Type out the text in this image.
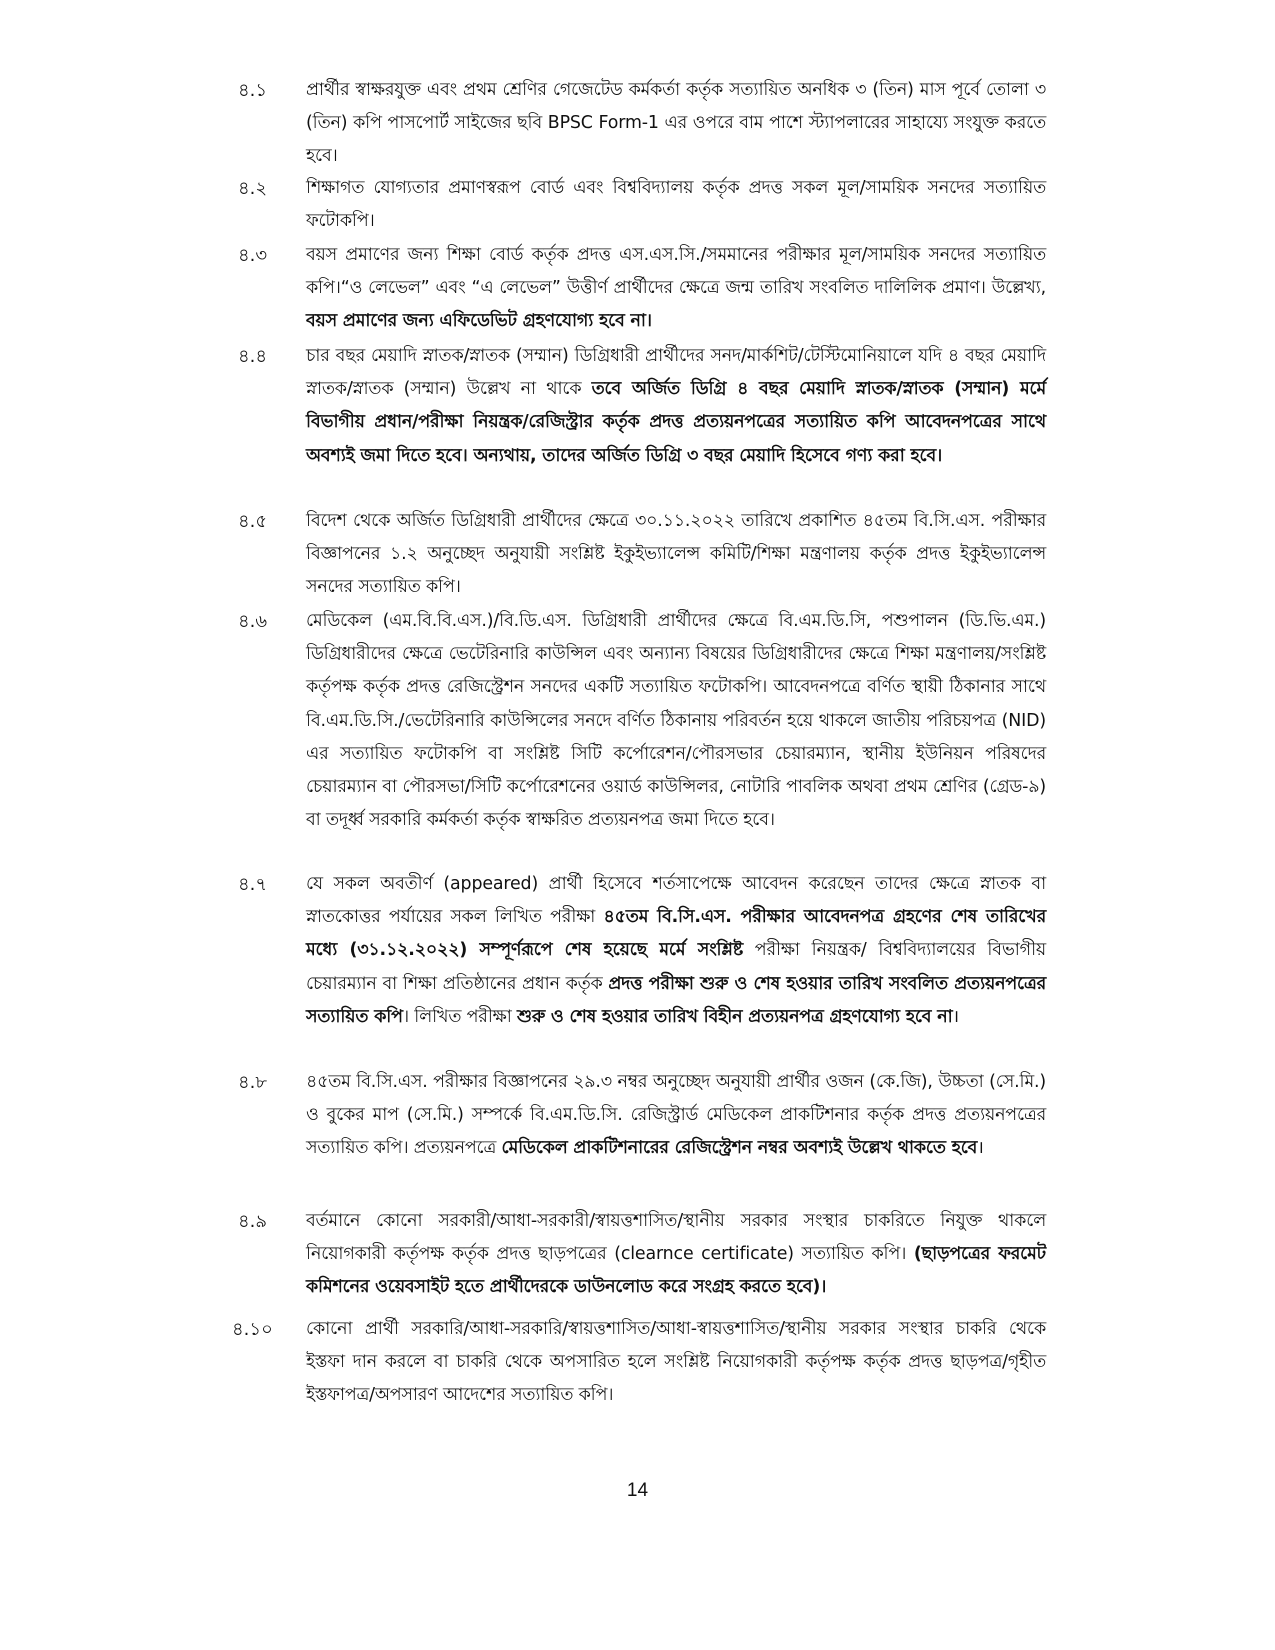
৪.১ প্রার্থীর স্বাক্ষরযুক্ত এবং প্রথম শ্রেণির গেজেটেড কর্মকর্তা কর্তৃক সত্যায়িত অনধিক ৩ (তিন) মাস পূর্বে তোলা ৩ (তিন) কপি পাসপোর্ট সাইজের ছবি BPSC Form-1 এর ওপরে বাম পাশে স্ট্যাপলারের সাহায্যে সংযুক্ত করতে হবে।
৪.২ শিক্ষাগত যোগ্যতার প্রমাণস্বরূপ বোর্ড এবং বিশ্ববিদ্যালয় কর্তৃক প্রদত্ত সকল মূল/সাময়িক সনদের সত্যায়িত ফটোকপি।
৪.৩ বয়স প্রমাণের জন্য শিক্ষা বোর্ড কর্তৃক প্রদত্ত এস.এস.সি./সমমানের পরীক্ষার মূল/সাময়িক সনদের সত্যায়িত কপি।“ও লেভেল” এবং “এ লেভেল” উত্তীর্ণ প্রার্থীদের ক্ষেত্রে জন্ম তারিখ সংবলিত দালিলিক প্রমাণ। উল্লেখ্য, বয়স প্রমাণের জন্য এফিডেভিট গ্রহণযোগ্য হবে না।
৪.৪ চার বছর মেয়াদি স্নাতক/স্নাতক (সম্মান) ডিগ্রিধারী প্রার্থীদের সনদ/মার্কশিট/টেস্টিমোনিয়ালে যদি ৪ বছর মেয়াদি স্নাতক/স্নাতক (সম্মান) উল্লেখ না থাকে তবে অর্জিত ডিগ্রি ৪ বছর মেয়াদি স্নাতক/স্নাতক (সম্মান) মর্মে বিভাগীয় প্রধান/পরীক্ষা নিয়ন্ত্রক/রেজিস্ট্রার কর্তৃক প্রদত্ত প্রত্যয়নপত্রের সত্যায়িত কপি আবেদনপত্রের সাথে অবশ্যই জমা দিতে হবে। অন্যথায়, তাদের অর্জিত ডিগ্রি ৩ বছর মেয়াদি হিসেবে গণ্য করা হবে।
৪.৫ বিদেশ থেকে অর্জিত ডিগ্রিধারী প্রার্থীদের ক্ষেত্রে ৩০.১১.২০২২ তারিখে প্রকাশিত ৪৫তম বি.সি.এস. পরীক্ষার বিজ্ঞাপনের ১.২ অনুচ্ছেদ অনুযায়ী সংশ্লিষ্ট ইকুইভ্যালেন্স কমিটি/শিক্ষা মন্ত্রণালয় কর্তৃক প্রদত্ত ইকুইভ্যালেন্স সনদের সত্যায়িত কপি।
৪.৬ মেডিকেল (এম.বি.বি.এস.)/বি.ডি.এস. ডিগ্রিধারী প্রার্থীদের ক্ষেত্রে বি.এম.ডি.সি, পশুপালন (ডি.ভি.এম.) ডিগ্রিধারীদের ক্ষেত্রে ভেটেরিনারি কাউন্সিল এবং অন্যান্য বিষয়ের ডিগ্রিধারীদের ক্ষেত্রে শিক্ষা মন্ত্রণালয়/সংশ্লিষ্ট কর্তৃপক্ষ কর্তৃক প্রদত্ত রেজিস্ট্রেশন সনদের একটি সত্যায়িত ফটোকপি। আবেদনপত্রে বর্ণিত স্থায়ী ঠিকানার সাথে বি.এম.ডি.সি./ভেটেরিনারি কাউন্সিলের সনদে বর্ণিত ঠিকানায় পরিবর্তন হয়ে থাকলে জাতীয় পরিচয়পত্র (NID) এর সত্যায়িত ফটোকপি বা সংশ্লিষ্ট সিটি কর্পোরেশন/পৌরসভার চেয়ারম্যান, স্থানীয় ইউনিয়ন পরিষদের চেয়ারম্যান বা পৌরসভা/সিটি কর্পোরেশনের ওয়ার্ড কাউন্সিলর, নোটারি পাবলিক অথবা প্রথম শ্রেণির (গ্রেড-৯) বা তদূর্ধ্ব সরকারি কর্মকর্তা কর্তৃক স্বাক্ষরিত প্রত্যয়নপত্র জমা দিতে হবে।
৪.৭ যে সকল অবতীর্ণ (appeared) প্রার্থী হিসেবে শর্তসাপেক্ষে আবেদন করেছেন তাদের ক্ষেত্রে স্নাতক বা স্নাতকোত্তর পর্যায়ের সকল লিখিত পরীক্ষা ৪৫তম বি.সি.এস. পরীক্ষার আবেদনপত্র গ্রহণের শেষ তারিখের মধ্যে (৩১.১২.২০২২) সম্পূর্ণরূপে শেষ হয়েছে মর্মে সংশ্লিষ্ট পরীক্ষা নিয়ন্ত্রক/ বিশ্ববিদ্যালয়ের বিভাগীয় চেয়ারম্যান বা শিক্ষা প্রতিষ্ঠানের প্রধান কর্তৃক প্রদত্ত পরীক্ষা শুরু ও শেষ হওয়ার তারিখ সংবলিত প্রত্যয়নপত্রের সত্যায়িত কপি। লিখিত পরীক্ষা শুরু ও শেষ হওয়ার তারিখ বিহীন প্রত্যয়নপত্র গ্রহণযোগ্য হবে না।
৪.৮ ৪৫তম বি.সি.এস. পরীক্ষার বিজ্ঞাপনের ২৯.৩ নম্বর অনুচ্ছেদ অনুযায়ী প্রার্থীর ওজন (কে.জি), উচ্চতা (সে.মি.) ও বুকের মাপ (সে.মি.) সম্পর্কে বি.এম.ডি.সি. রেজিস্ট্রার্ড মেডিকেল প্রাকটিশনার কর্তৃক প্রদত্ত প্রত্যয়নপত্রের সত্যায়িত কপি। প্রত্যয়নপত্রে মেডিকেল প্রাকটিশনারের রেজিস্ট্রেশন নম্বর অবশ্যই উল্লেখ থাকতে হবে।
৪.৯ বর্তমানে কোনো সরকারী/আধা-সরকারী/স্বায়ত্তশাসিত/স্থানীয় সরকার সংস্থার চাকরিতে নিযুক্ত থাকলে নিয়োগকারী কর্তৃপক্ষ কর্তৃক প্রদত্ত ছাড়পত্রের (clearnce certificate) সত্যায়িত কপি। (ছাড়পত্রের ফরমেট কমিশনের ওয়েবসাইট হতে প্রার্থীদেরকে ডাউনলোড করে সংগ্রহ করতে হবে)।
৪.১০ কোনো প্রার্থী সরকারি/আধা-সরকারি/স্বায়ত্তশাসিত/আধা-স্বায়ত্তশাসিত/স্থানীয় সরকার সংস্থার চাকরি থেকে ইস্তফা দান করলে বা চাকরি থেকে অপসারিত হলে সংশ্লিষ্ট নিয়োগকারী কর্তৃপক্ষ কর্তৃক প্রদত্ত ছাড়পত্র/গৃহীত ইস্তফাপত্র/অপসারণ আদেশের সত্যায়িত কপি।
14
